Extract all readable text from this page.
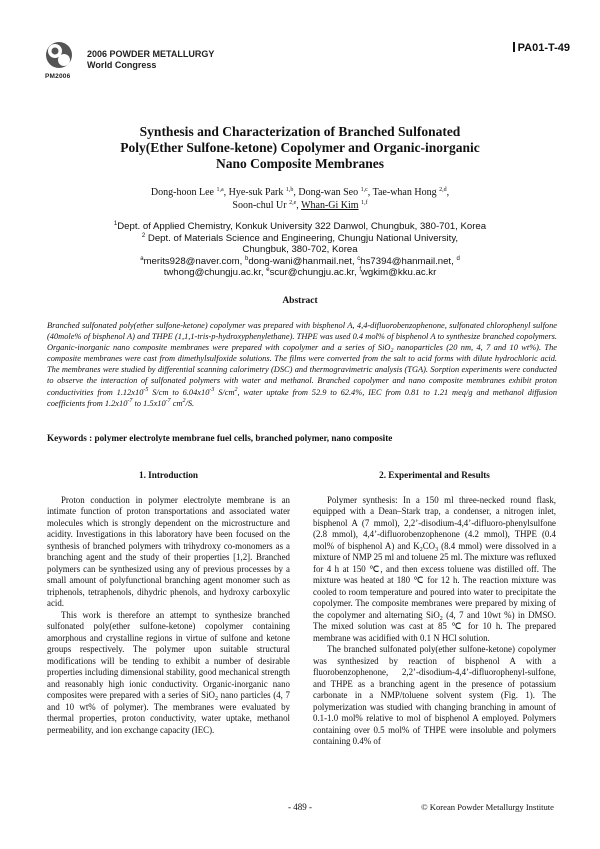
PM2006
2006 POWDER METALLURGY
World Congress
PA01-T-49
Synthesis and Characterization of Branched Sulfonated
Poly(Ether Sulfone-ketone) Copolymer and Organic-inorganic
Nano Composite Membranes
Dong-hoon Lee $^{1,a}$, Hye-suk Park $^{1,b}$, Dong-wan Seo $^{1,c}$, Tae-whan Hong $^{2,d}$,
Soon-chul Ur $^{2,e}$, Whan-Gi Kim $^{1,f}$
$^1$Dept. of Applied Chemistry, Konkuk University 322 Danwol, Chungbuk, 380-701, Korea
$^2$ Dept. of Materials Science and Engineering, Chungju National University,
Chungbuk, 380-702, Korea
$^a$merits928@naver.com, $^b$dong-wani@hanmail.net, $^c$hs7394@hanmail.net, $^d$
twhong@chungju.ac.kr, $^e$scur@chungju.ac.kr, $^f$wgkim@kku.ac.kr
Abstract
Branched sulfonated poly(ether sulfone-ketone) copolymer was prepared with bisphenol A, 4,4-difluorobenzophenone, sulfonated chlorophenyl sulfone (40mole% of bisphenol A) and THPE (1,1,1-tris-p-hydroxyphenylethane). THPE was used 0.4 mol% of bisphenol A to synthesize branched copolymers. Organic-inorganic nano composite membranes were prepared with copolymer and a series of SiO$_2$ nanoparticles (20 nm, 4, 7 and 10 wt%). The composite membranes were cast from dimethylsulfoxide solutions. The films were converted from the salt to acid forms with dilute hydrochloric acid. The membranes were studied by differential scanning calorimetry (DSC) and thermogravimetric analysis (TGA). Sorption experiments were conducted to observe the interaction of sulfonated polymers with water and methanol. Branched copolymer and nano composite membranes exhibit proton conductivities from $1.12x10^{-5}$ S/cm to $6.04x10^{-3}$ $S/cm^2$, water uptake from 52.9 to 62.4%, IEC from 0.81 to 1.21 meq/g and methanol diffusion coefficients from $1.2x10^{-7}$ to $1.5x10^{-7}$ $cm^2/S$.
Keywords : polymer electrolyte membrane fuel cells, branched polymer, nano composite
1. Introduction

Proton conduction in polymer electrolyte membrane is an intimate function of proton transportations and associated water molecules which is strongly dependent on the microstructure and acidity. Investigations in this laboratory have been focused on the synthesis of branched polymers with trihydroxy co-monomers as a branching agent and the study of their properties [1,2]. Branched polymers can be synthesized using any of previous processes by a small amount of polyfunctional branching agent monomer such as triphenols, tetraphenols, dihydric phenols, and hydroxy carboxylic acid.

This work is therefore an attempt to synthesize branched sulfonated poly(ether sulfone-ketone) copolymer containing amorphous and crystalline regions in virtue of sulfone and ketone groups respectively. The polymer upon suitable structural modifications will be tending to exhibit a number of desirable properties including dimensional stability, good mechanical strength and reasonably high ionic conductivity. Organic-inorganic nano composites were prepared with a series of SiO$_2$ nano particles (4, 7 and 10 wt% of polymer). The membranes were evaluated by thermal properties, proton conductivity, water uptake, methanol permeability, and ion exchange capacity (IEC).

2. Experimental and Results

Polymer synthesis: In a 150 ml three-necked round flask, equipped with a Dean–Stark trap, a condenser, a nitrogen inlet, bisphenol A (7 mmol), 2,2’-disodium-4,4’-difluoro-phenylsulfone (2.8 mmol), 4,4’-difluorobenzophenone (4.2 mmol), THPE (0.4 mol% of bisphenol A) and $K_2CO_3$ (8.4 mmol) were dissolved in a mixture of NMP 25 ml and toluene 25 ml. The mixture was refluxed for 4 h at 150 ℃, and then excess toluene was distilled off. The mixture was heated at 180 ℃ for 12 h. The reaction mixture was cooled to room temperature and poured into water to precipitate the copolymer. The composite membranes were prepared by mixing of the copolymer and alternating SiO$_2$ (4, 7 and 10wt %) in DMSO. The mixed solution was cast at 85 ℃ for 10 h. The prepared membrane was acidified with 0.1 N HCl solution.

The branched sulfonated poly(ether sulfone-ketone) copolymer was synthesized by reaction of bisphenol A with a fluorobenzophenone, 2,2’-disodium-4,4’-difluorophenyl-sulfone, and THPE as a branching agent in the presence of potassium carbonate in a NMP/toluene solvent system (Fig. 1). The polymerization was studied with changing branching in amount of 0.1-1.0 mol% relative to mol of bisphenol A employed. Polymers containing over 0.5 mol% of THPE were insoluble and polymers containing 0.4% of

- 489 -	© Korean Powder Metallurgy Institute
